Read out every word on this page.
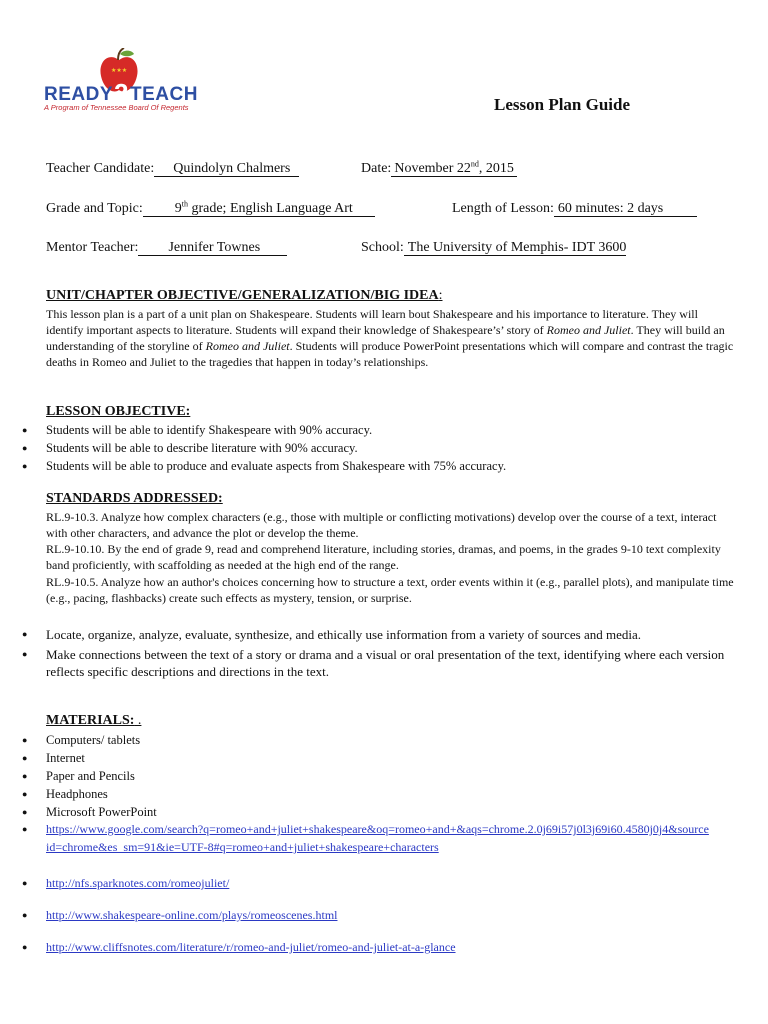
★★★
READY2TEACH
A Program of Tennessee Board Of Regents	Lesson Plan Guide
Teacher Candidate: Quindolyn Chalmers	Date: November 22nd, 2015
Grade and Topic: 9th grade; English Language Art	Length of Lesson: 60 minutes: 2 days
Mentor Teacher: Jennifer Townes	School: The University of Memphis- IDT 3600
UNIT/CHAPTER OBJECTIVE/GENERALIZATION/BIG IDEA:

This lesson plan is a part of a unit plan on Shakespeare. Students will learn bout Shakespeare and his importance to literature. They will identify important aspects to literature. Students will expand their knowledge of Shakespeare’s’ story of Romeo and Juliet. They will build an understanding of the storyline of Romeo and Juliet. Students will produce PowerPoint presentations which will compare and contrast the tragic deaths in Romeo and Juliet to the tragedies that happen in today’s relationships.

LESSON OBJECTIVE:
● Students will be able to identify Shakespeare with 90% accuracy.
● Students will be able to describe literature with 90% accuracy.
● Students will be able to produce and evaluate aspects from Shakespeare with 75% accuracy.
STANDARDS ADDRESSED:

RL.9-10.3. Analyze how complex characters (e.g., those with multiple or conflicting motivations) develop over the course of a text, interact with other characters, and advance the plot or develop the theme.

RL.9-10.10. By the end of grade 9, read and comprehend literature, including stories, dramas, and poems, in the grades 9-10 text complexity band proficiently, with scaffolding as needed at the high end of the range.

RL.9-10.5. Analyze how an author's choices concerning how to structure a text, order events within it (e.g., parallel plots), and manipulate time (e.g., pacing, flashbacks) create such effects as mystery, tension, or surprise.

● Locate, organize, analyze, evaluate, synthesize, and ethically use information from a variety of sources and media.
● Make connections between the text of a story or drama and a visual or oral presentation of the text, identifying where each version reflects specific descriptions and directions in the text.
MATERIALS: .
● Computers/ tablets
● Internet
● Paper and Pencils
● Headphones
● Microsoft PowerPoint
● https://www.google.com/search?q=romeo+and+juliet+shakespeare&oq=romeo+and+&aqs=chrome.2.0j69i57j0l3j69i60.4580j0j4&sourceid=chrome&es_sm=91&ie=UTF-8#q=romeo+and+juliet+shakespeare+characters
● http://nfs.sparknotes.com/romeojuliet/
● http://www.shakespeare-online.com/plays/romeoscenes.html
● http://www.cliffsnotes.com/literature/r/romeo-and-juliet/romeo-and-juliet-at-a-glance
